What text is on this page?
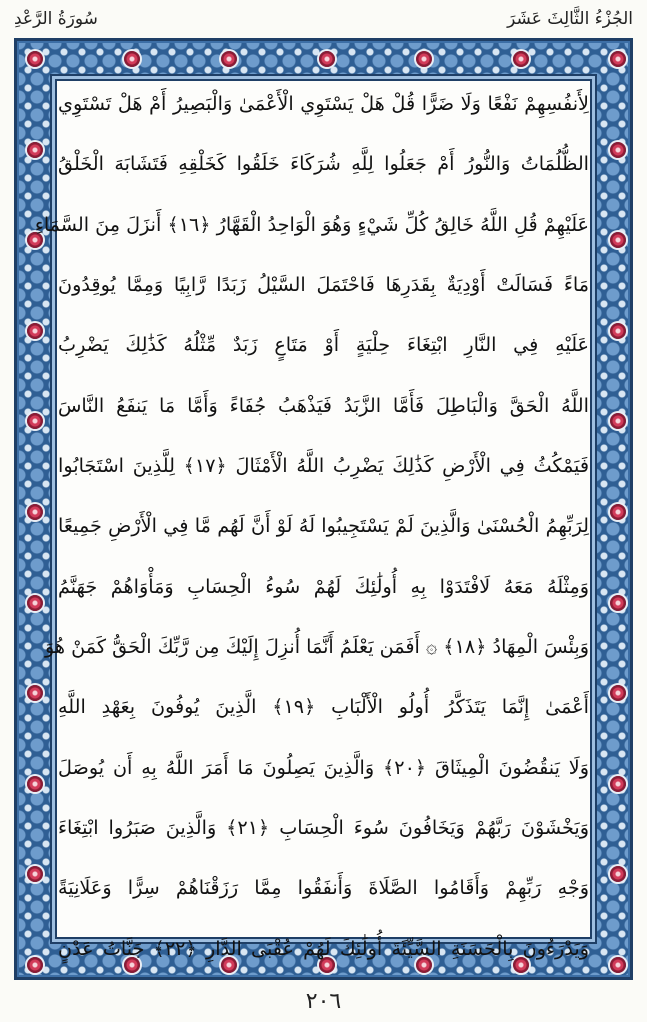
الجُزْءُ الثَّالِثَ عَشَرَ
سُورَةُ الرَّعْدِ
لِأَنفُسِهِمْ نَفْعًا وَلَا ضَرًّا قُلْ هَلْ يَسْتَوِي الْأَعْمَىٰ وَالْبَصِيرُ أَمْ هَلْ تَسْتَوِي
الظُّلُمَاتُ وَالنُّورُ أَمْ جَعَلُوا لِلَّهِ شُرَكَاءَ خَلَقُوا كَخَلْقِهِ فَتَشَابَهَ الْخَلْقُ
عَلَيْهِمْ قُلِ اللَّهُ خَالِقُ كُلِّ شَيْءٍ وَهُوَ الْوَاحِدُ الْقَهَّارُ ﴿١٦﴾ أَنزَلَ مِنَ السَّمَاءِ
مَاءً فَسَالَتْ أَوْدِيَةٌ بِقَدَرِهَا فَاحْتَمَلَ السَّيْلُ زَبَدًا رَّابِيًا وَمِمَّا يُوقِدُونَ
عَلَيْهِ فِي النَّارِ ابْتِغَاءَ حِلْيَةٍ أَوْ مَتَاعٍ زَبَدٌ مِّثْلُهُ كَذَٰلِكَ يَضْرِبُ
اللَّهُ الْحَقَّ وَالْبَاطِلَ فَأَمَّا الزَّبَدُ فَيَذْهَبُ جُفَاءً وَأَمَّا مَا يَنفَعُ النَّاسَ
فَيَمْكُثُ فِي الْأَرْضِ كَذَٰلِكَ يَضْرِبُ اللَّهُ الْأَمْثَالَ ﴿١٧﴾ لِلَّذِينَ اسْتَجَابُوا
لِرَبِّهِمُ الْحُسْنَىٰ وَالَّذِينَ لَمْ يَسْتَجِيبُوا لَهُ لَوْ أَنَّ لَهُم مَّا فِي الْأَرْضِ جَمِيعًا
وَمِثْلَهُ مَعَهُ لَافْتَدَوْا بِهِ أُولَٰئِكَ لَهُمْ سُوءُ الْحِسَابِ وَمَأْوَاهُمْ جَهَنَّمُ
وَبِئْسَ الْمِهَادُ ﴿١٨﴾ ۞ أَفَمَن يَعْلَمُ أَنَّمَا أُنزِلَ إِلَيْكَ مِن رَّبِّكَ الْحَقُّ كَمَنْ هُوَ
أَعْمَىٰ إِنَّمَا يَتَذَكَّرُ أُولُو الْأَلْبَابِ ﴿١٩﴾ الَّذِينَ يُوفُونَ بِعَهْدِ اللَّهِ
وَلَا يَنقُضُونَ الْمِيثَاقَ ﴿٢٠﴾ وَالَّذِينَ يَصِلُونَ مَا أَمَرَ اللَّهُ بِهِ أَن يُوصَلَ
وَيَخْشَوْنَ رَبَّهُمْ وَيَخَافُونَ سُوءَ الْحِسَابِ ﴿٢١﴾ وَالَّذِينَ صَبَرُوا ابْتِغَاءَ
وَجْهِ رَبِّهِمْ وَأَقَامُوا الصَّلَاةَ وَأَنفَقُوا مِمَّا رَزَقْنَاهُمْ سِرًّا وَعَلَانِيَةً
وَيَدْرَءُونَ بِالْحَسَنَةِ السَّيِّئَةَ أُولَٰئِكَ لَهُمْ عُقْبَى الدَّارِ ﴿٢٢﴾ جَنَّاتُ عَدْنٍ
٢٠٦
